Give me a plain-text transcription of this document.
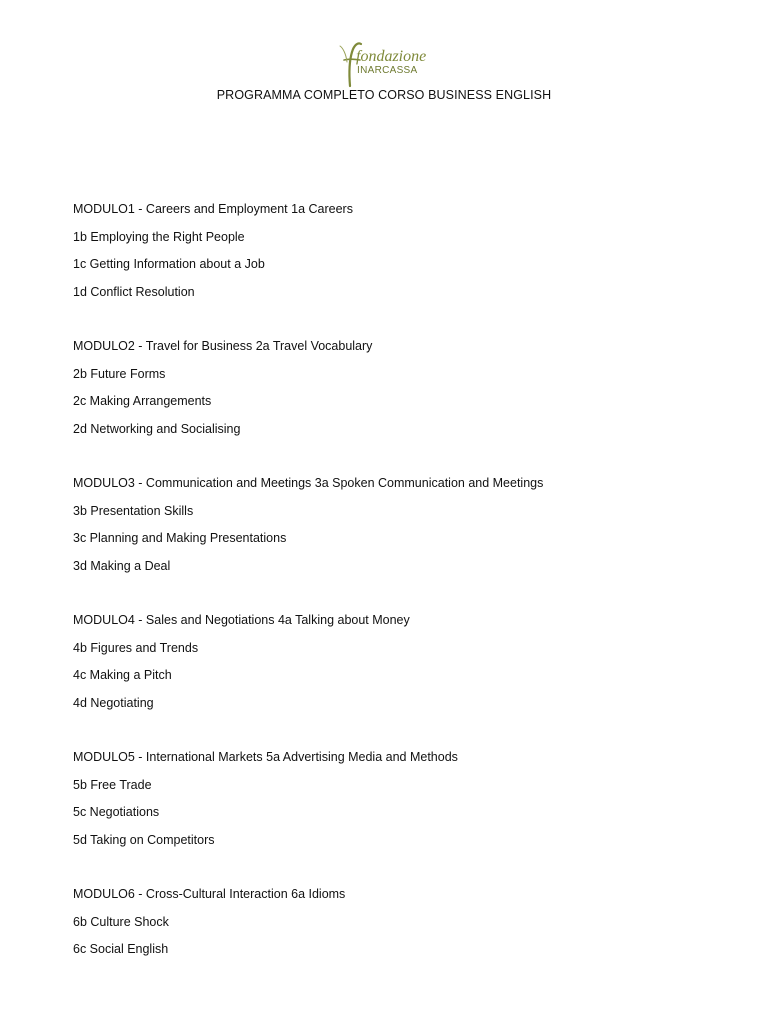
fondazione
INARCASSA
PROGRAMMA COMPLETO CORSO BUSINESS ENGLISH
MODULO1 - Careers and Employment 1a Careers
1b Employing the Right People
1c Getting Information about a Job
1d Conflict Resolution
MODULO2 - Travel for Business 2a Travel Vocabulary
2b Future Forms
2c Making Arrangements
2d Networking and Socialising
MODULO3 - Communication and Meetings 3a Spoken Communication and Meetings
3b Presentation Skills
3c Planning and Making Presentations
3d Making a Deal
MODULO4 - Sales and Negotiations 4a Talking about Money
4b Figures and Trends
4c Making a Pitch
4d Negotiating
MODULO5 - International Markets 5a Advertising Media and Methods
5b Free Trade
5c Negotiations
5d Taking on Competitors
MODULO6 - Cross-Cultural Interaction 6a Idioms
6b Culture Shock
6c Social English
